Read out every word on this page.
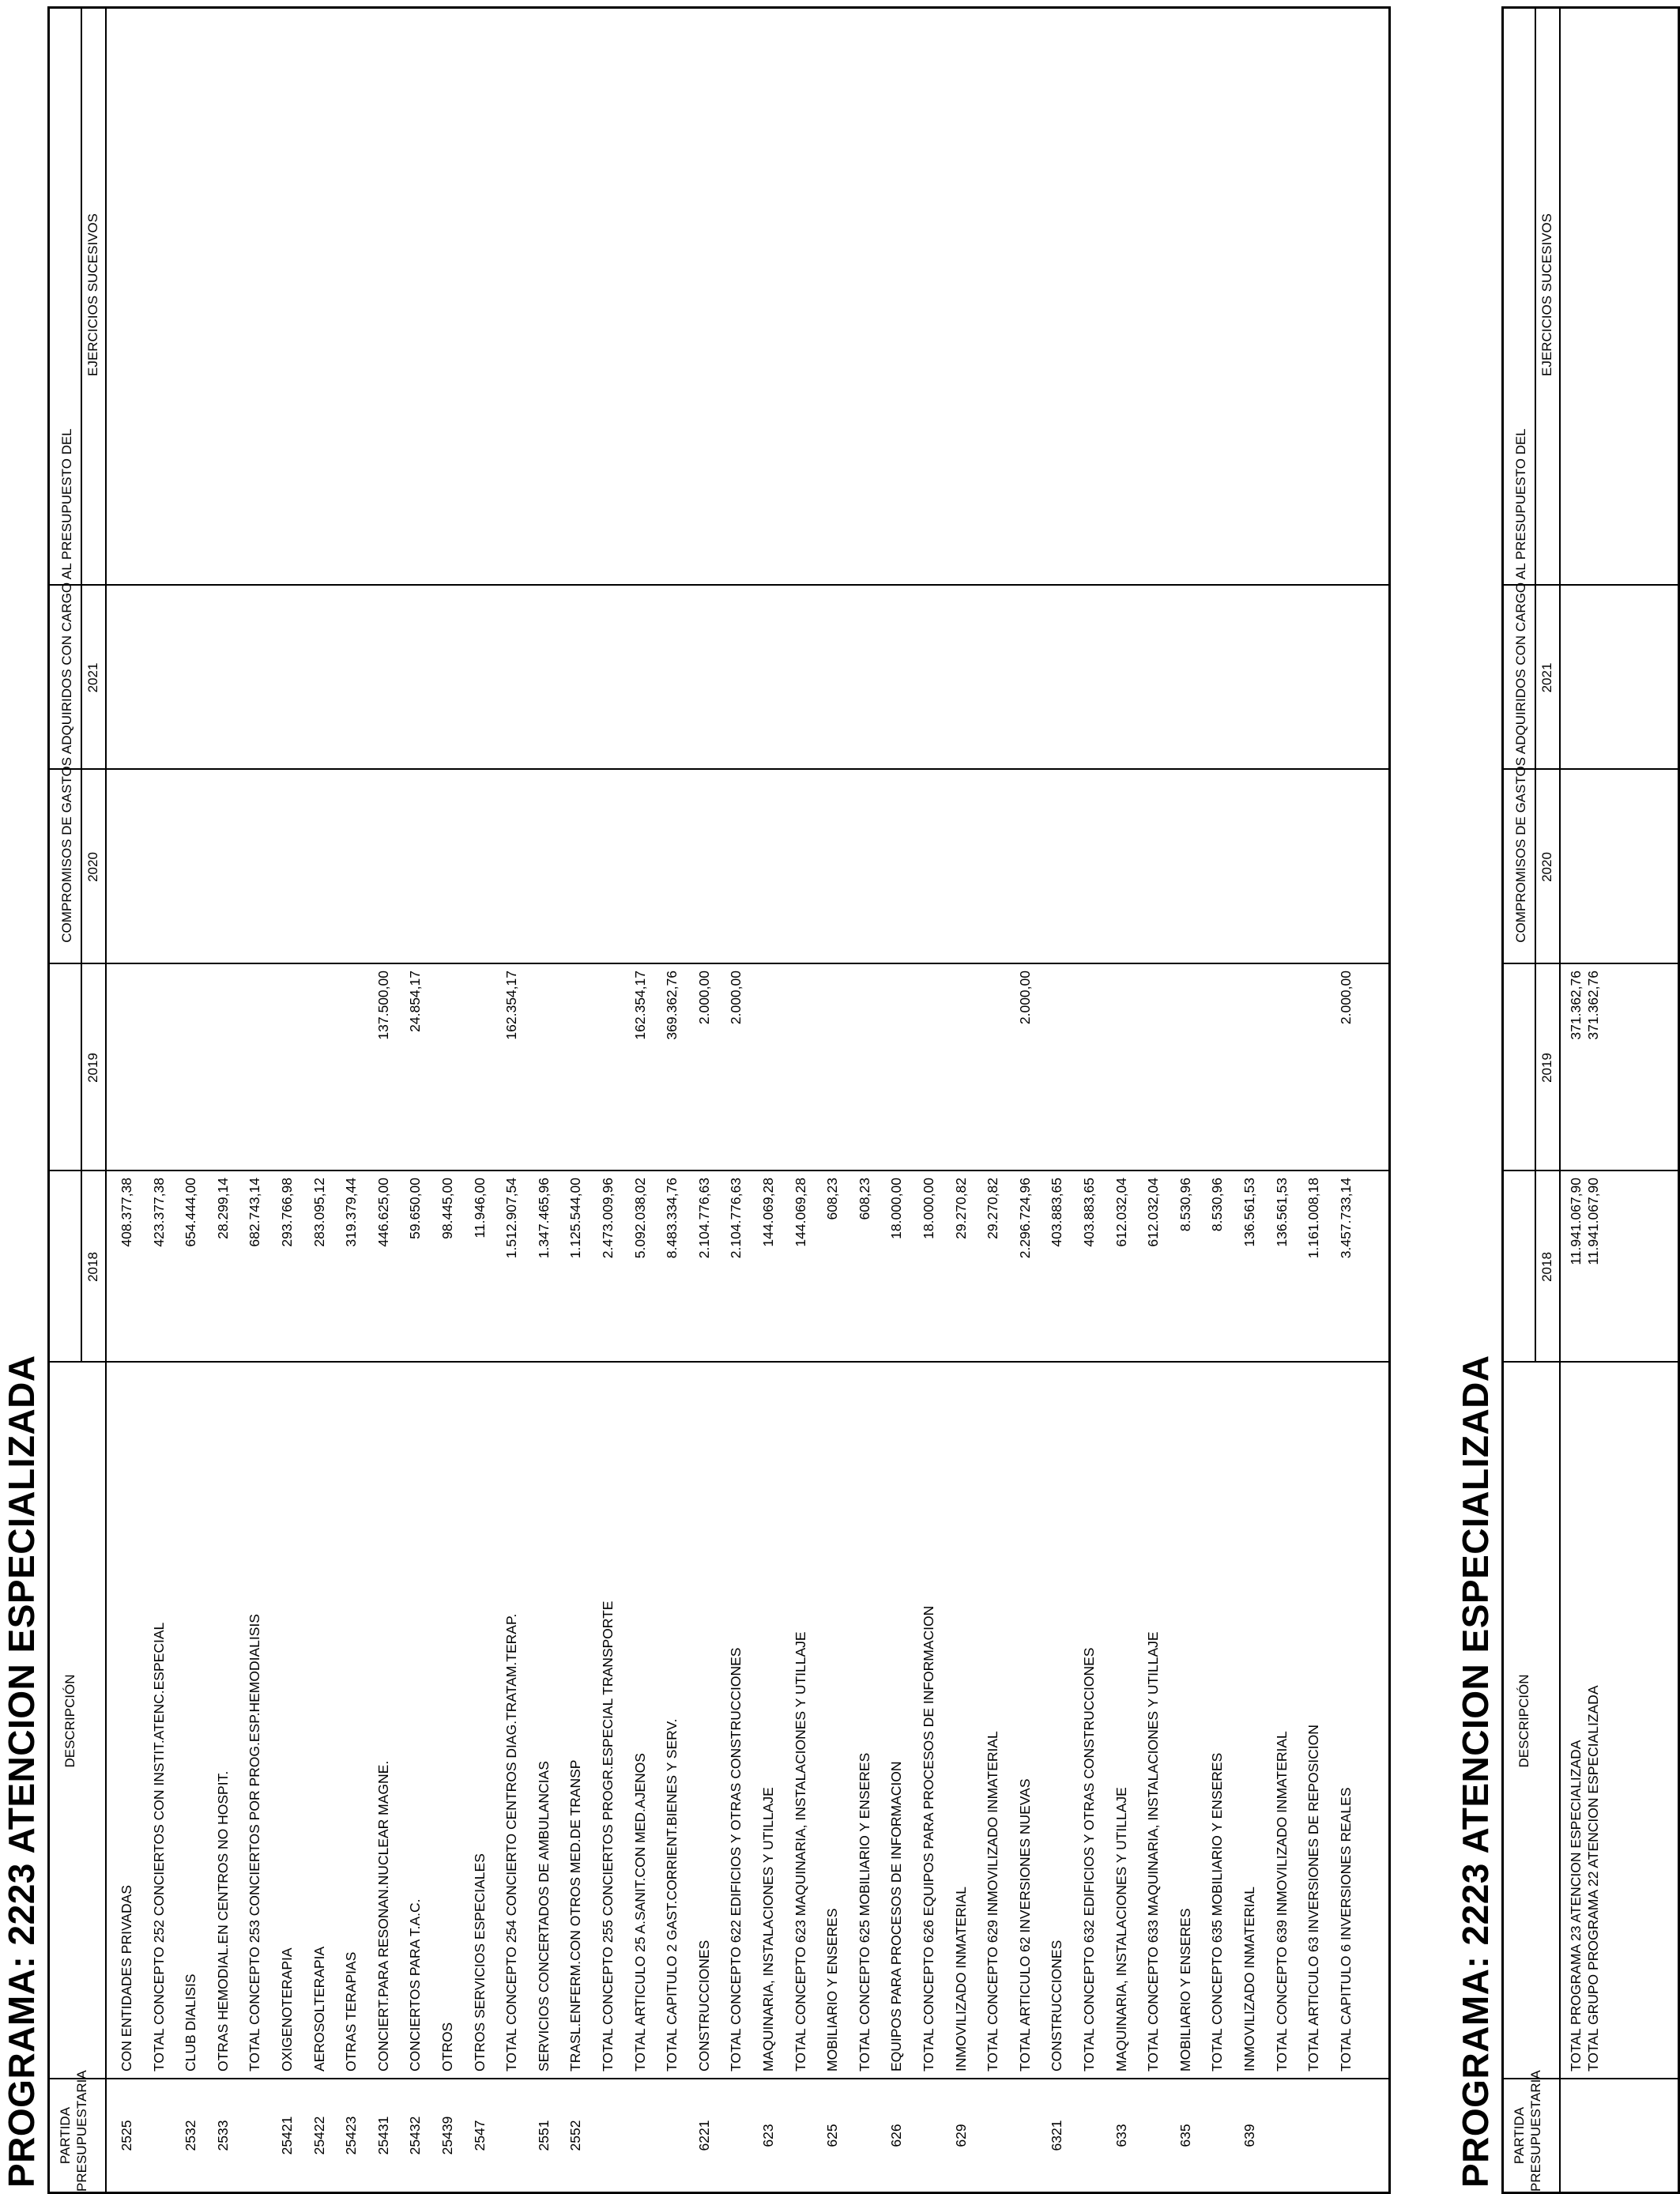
PROGRAMA: 2223 ATENCION ESPECIALIZADA PARTIDA PRESUPUESTARIA
DESCRIPCIÓN
COMPROMISOS DE GASTOS ADQUIRIDOS CON CARGO AL PRESUPUESTO DEL
2018
2019
2020
2021
EJERCICIOS SUCESIVOS
2525
CON ENTIDADES PRIVADAS
408.377,38
TOTAL CONCEPTO 252 CONCIERTOS CON INSTIT.ATENC.ESPECIAL
423.377,38
2532
CLUB DIALISIS
654.444,00
2533
OTRAS HEMODIAL.EN CENTROS NO HOSPIT.
28.299,14
TOTAL CONCEPTO 253 CONCIERTOS POR PROG.ESP.HEMODIALISIS
682.743,14
25421
OXIGENOTERAPIA
293.766,98
25422
AEROSOLTERAPIA
283.095,12
25423
OTRAS TERAPIAS
319.379,44
25431
CONCIERT.PARA RESONAN.NUCLEAR MAGNE.
446.625,00
137.500,00
25432
CONCIERTOS PARA T.A.C.
59.650,00
24.854,17
25439
OTROS
98.445,00
2547
OTROS SERVICIOS ESPECIALES
11.946,00
TOTAL CONCEPTO 254 CONCIERTO CENTROS DIAG.TRATAM.TERAP.
1.512.907,54
162.354,17
2551
SERVICIOS CONCERTADOS DE AMBULANCIAS
1.347.465,96
2552
TRASL.ENFERM.CON OTROS MED.DE TRANSP
1.125.544,00
TOTAL CONCEPTO 255 CONCIERTOS PROGR.ESPECIAL TRANSPORTE
2.473.009,96
TOTAL ARTICULO 25 A.SANIT.CON MED.AJENOS
5.092.038,02
162.354,17
TOTAL CAPITULO 2 GAST.CORRIENT.BIENES Y SERV.
8.483.334,76
369.362,76
6221
CONSTRUCCIONES
2.104.776,63
2.000,00
TOTAL CONCEPTO 622 EDIFICIOS Y OTRAS CONSTRUCCIONES
2.104.776,63
2.000,00
623
MAQUINARIA, INSTALACIONES Y UTILLAJE
144.069,28
TOTAL CONCEPTO 623 MAQUINARIA, INSTALACIONES Y UTILLAJE
144.069,28
625
MOBILIARIO Y ENSERES
608,23
TOTAL CONCEPTO 625 MOBILIARIO Y ENSERES
608,23
626
EQUIPOS PARA PROCESOS DE INFORMACION
18.000,00
TOTAL CONCEPTO 626 EQUIPOS PARA PROCESOS DE INFORMACION
18.000,00
629
INMOVILIZADO INMATERIAL
29.270,82
TOTAL CONCEPTO 629 INMOVILIZADO INMATERIAL
29.270,82
TOTAL ARTICULO 62 INVERSIONES NUEVAS
2.296.724,96
2.000,00
6321
CONSTRUCCIONES
403.883,65
TOTAL CONCEPTO 632 EDIFICIOS Y OTRAS CONSTRUCCIONES
403.883,65
633
MAQUINARIA, INSTALACIONES Y UTILLAJE
612.032,04
TOTAL CONCEPTO 633 MAQUINARIA, INSTALACIONES Y UTILLAJE
612.032,04
635
MOBILIARIO Y ENSERES
8.530,96
TOTAL CONCEPTO 635 MOBILIARIO Y ENSERES
8.530,96
639
INMOVILIZADO INMATERIAL
136.561,53
TOTAL CONCEPTO 639 INMOVILIZADO INMATERIAL
136.561,53
TOTAL ARTICULO 63 INVERSIONES DE REPOSICION
1.161.008,18
TOTAL CAPITULO 6 INVERSIONES REALES
3.457.733,14
2.000,00
PROGRAMA: 2223 ATENCION ESPECIALIZADA PARTIDA PRESUPUESTARIA
DESCRIPCIÓN
COMPROMISOS DE GASTOS ADQUIRIDOS CON CARGO AL PRESUPUESTO DEL
2018
2019
2020
2021
EJERCICIOS SUCESIVOS
TOTAL PROGRAMA 23 ATENCION ESPECIALIZADA
11.941.067,90
371.362,76
TOTAL GRUPO PROGRAMA 22 ATENCION ESPECIALIZADA
11.941.067,90
371.362,76
